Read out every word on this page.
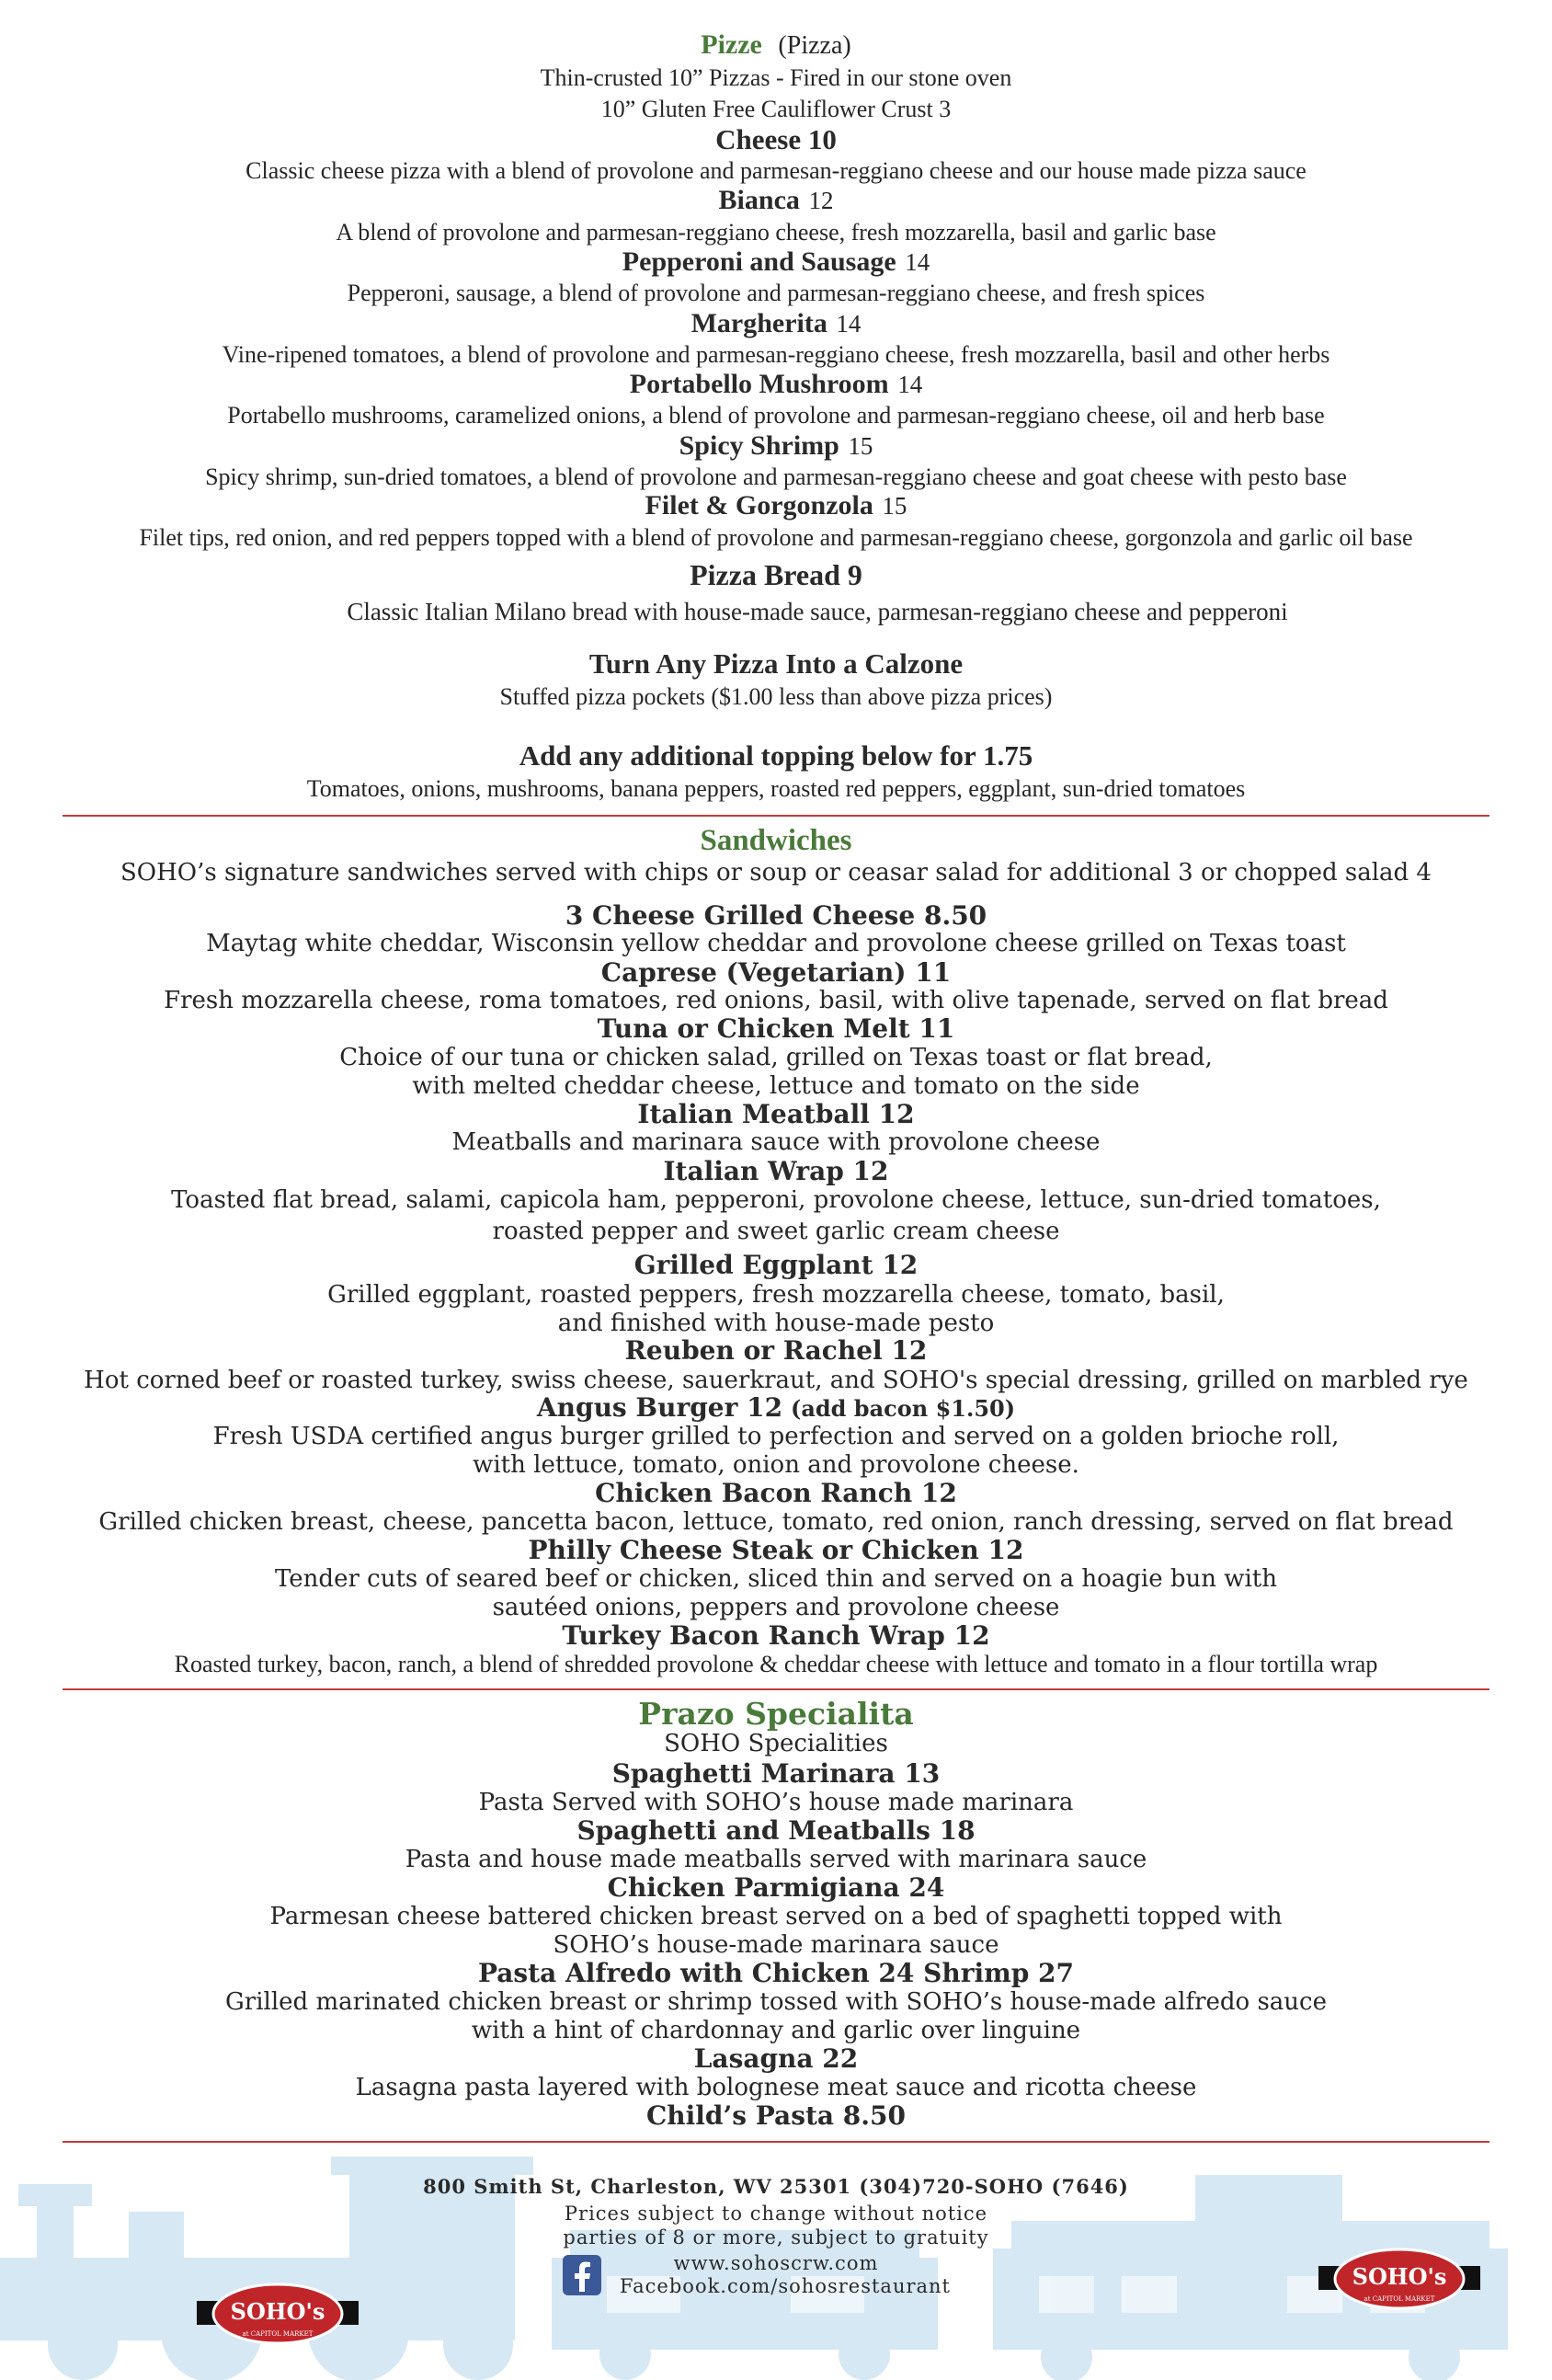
Pizze (Pizza)
Thin-crusted 10” Pizzas - Fired in our stone oven
10” Gluten Free Cauliflower Crust 3
Cheese 10
Classic cheese pizza with a blend of provolone and parmesan-reggiano cheese and our house made pizza sauce
Bianca 12
A blend of provolone and parmesan-reggiano cheese, fresh mozzarella, basil and garlic base
Pepperoni and Sausage 14
Pepperoni, sausage, a blend of provolone and parmesan-reggiano cheese, and fresh spices
Margherita 14
Vine-ripened tomatoes, a blend of provolone and parmesan-reggiano cheese, fresh mozzarella, basil and other herbs
Portabello Mushroom 14
Portabello mushrooms, caramelized onions, a blend of provolone and parmesan-reggiano cheese, oil and herb base
Spicy Shrimp 15
Spicy shrimp, sun-dried tomatoes, a blend of provolone and parmesan-reggiano cheese and goat cheese with pesto base
Filet & Gorgonzola 15
Filet tips, red onion, and red peppers topped with a blend of provolone and parmesan-reggiano cheese, gorgonzola and garlic oil base
Pizza Bread 9
Classic Italian Milano bread with house-made sauce, parmesan-reggiano cheese and pepperoni
Turn Any Pizza Into a Calzone
Stuffed pizza pockets ($1.00 less than above pizza prices)
Add any additional topping below for 1.75
Tomatoes, onions, mushrooms, banana peppers, roasted red peppers, eggplant, sun-dried tomatoes
Sandwiches
SOHO’s signature sandwiches served with chips or soup or ceasar salad for additional 3 or chopped salad 4
3 Cheese Grilled Cheese 8.50
Maytag white cheddar, Wisconsin yellow cheddar and provolone cheese grilled on Texas toast
Caprese (Vegetarian) 11
Fresh mozzarella cheese, roma tomatoes, red onions, basil, with olive tapenade, served on flat bread
Tuna or Chicken Melt 11
Choice of our tuna or chicken salad, grilled on Texas toast or flat bread,
with melted cheddar cheese, lettuce and tomato on the side
Italian Meatball 12
Meatballs and marinara sauce with provolone cheese
Italian Wrap 12
Toasted flat bread, salami, capicola ham, pepperoni, provolone cheese, lettuce, sun-dried tomatoes,
roasted pepper and sweet garlic cream cheese
Grilled Eggplant 12
Grilled eggplant, roasted peppers, fresh mozzarella cheese, tomato, basil,
and finished with house-made pesto
Reuben or Rachel 12
Hot corned beef or roasted turkey, swiss cheese, sauerkraut, and SOHO's special dressing, grilled on marbled rye
Angus Burger 12 (add bacon $1.50)
Fresh USDA certified angus burger grilled to perfection and served on a golden brioche roll,
with lettuce, tomato, onion and provolone cheese.
Chicken Bacon Ranch 12
Grilled chicken breast, cheese, pancetta bacon, lettuce, tomato, red onion, ranch dressing, served on flat bread
Philly Cheese Steak or Chicken 12
Tender cuts of seared beef or chicken, sliced thin and served on a hoagie bun with
sautéed onions, peppers and provolone cheese
Turkey Bacon Ranch Wrap 12
Roasted turkey, bacon, ranch, a blend of shredded provolone & cheddar cheese with lettuce and tomato in a flour tortilla wrap
Prazo Specialita
SOHO Specialities
Spaghetti Marinara 13
Pasta Served with SOHO’s house made marinara
Spaghetti and Meatballs 18
Pasta and house made meatballs served with marinara sauce
Chicken Parmigiana 24
Parmesan cheese battered chicken breast served on a bed of spaghetti topped with
SOHO’s house-made marinara sauce
Pasta Alfredo with Chicken 24 Shrimp 27
Grilled marinated chicken breast or shrimp tossed with SOHO’s house-made alfredo sauce
with a hint of chardonnay and garlic over linguine
Lasagna 22
Lasagna pasta layered with bolognese meat sauce and ricotta cheese
Child’s Pasta 8.50
800 Smith St, Charleston, WV 25301 (304)720-SOHO (7646)
Prices subject to change without notice
parties of 8 or more, subject to gratuity
www.sohoscrw.com
Facebook.com/sohosrestaurant
SOHO's
at CAPITOL MARKET
SOHO's
at CAPITOL MARKET
